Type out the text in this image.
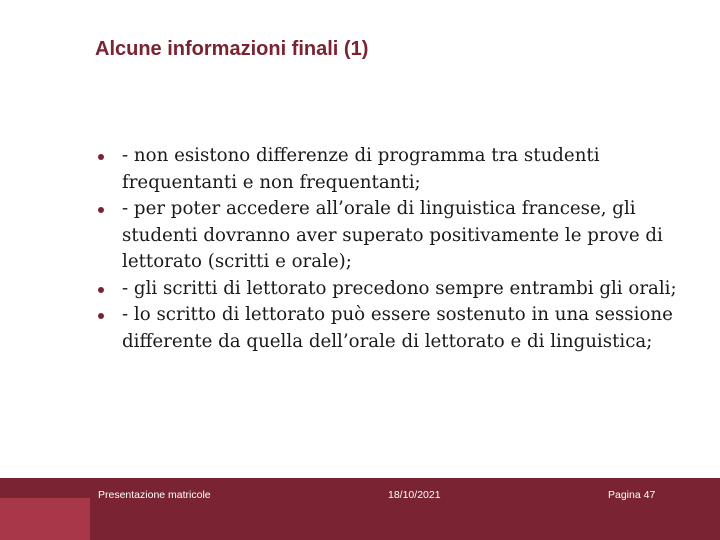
Alcune informazioni finali (1)
- non esistono differenze di programma tra studenti frequentanti e non frequentanti;
- per poter accedere all’orale di linguistica francese, gli studenti dovranno aver superato positivamente le prove di lettorato (scritti e orale);
- gli scritti di lettorato precedono sempre entrambi gli orali;
- lo scritto di lettorato può essere sostenuto in una sessione differente da quella dell’orale di lettorato e di linguistica;
Presentazione matricole	18/10/2021	Pagina 47
